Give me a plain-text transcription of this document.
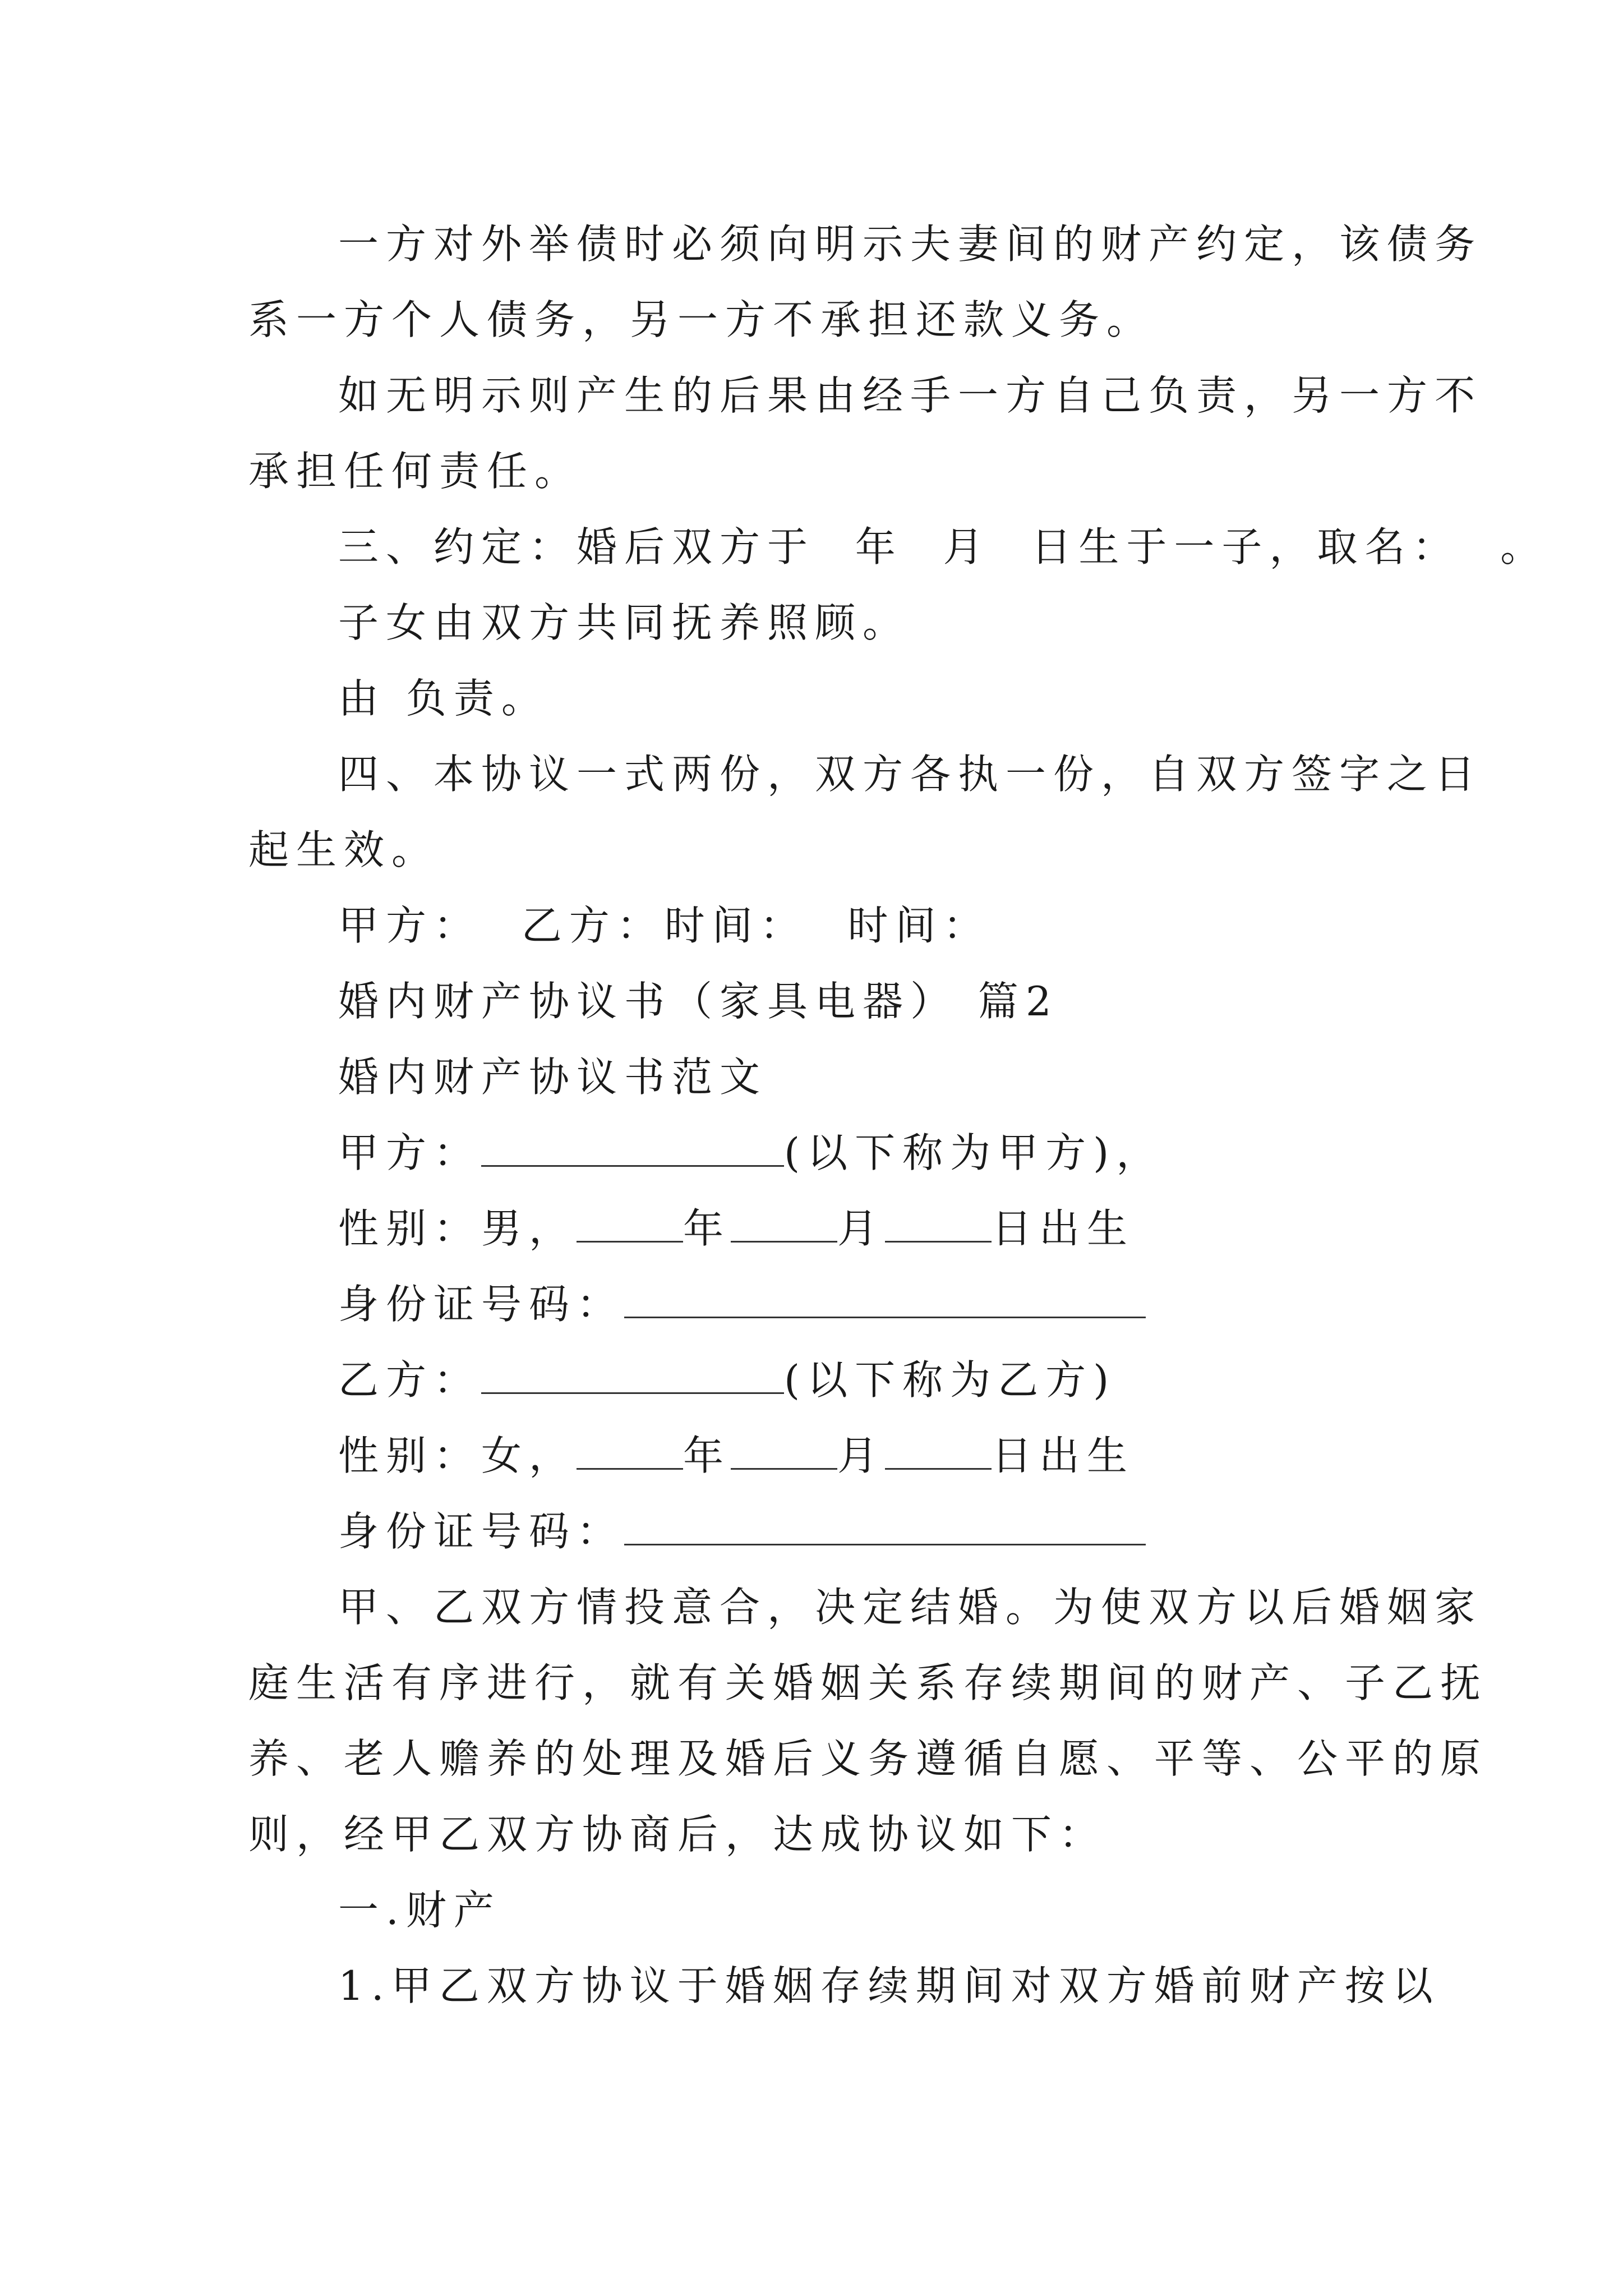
一方对外举债时必须向明示夫妻间的财产约定，该债务
系一方个人债务，另一方不承担还款义务。
如无明示则产生的后果由经手一方自己负责，另一方不
承担任何责任。
三、约定：婚后双方于  年  月  日生于一子，取名：  。
子女由双方共同抚养照顾。
由 负责。
四、本协议一式两份，双方各执一份，自双方签字之日
起生效。
甲方：  乙方：时间：  时间：
婚内财产协议书（家具电器） 篇2
婚内财产协议书范文
甲方：	(以下称为甲方)，
性别：男，	年	月	日出生
身份证号码：
乙方：	(以下称为乙方)
性别：女，	年	月	日出生
身份证号码：
甲、乙双方情投意合，决定结婚。为使双方以后婚姻家
庭生活有序进行，就有关婚姻关系存续期间的财产、子乙抚
养、老人赡养的处理及婚后义务遵循自愿、平等、公平的原
则，经甲乙双方协商后，达成协议如下：
一.财产
1.甲乙双方协议于婚姻存续期间对双方婚前财产按以
